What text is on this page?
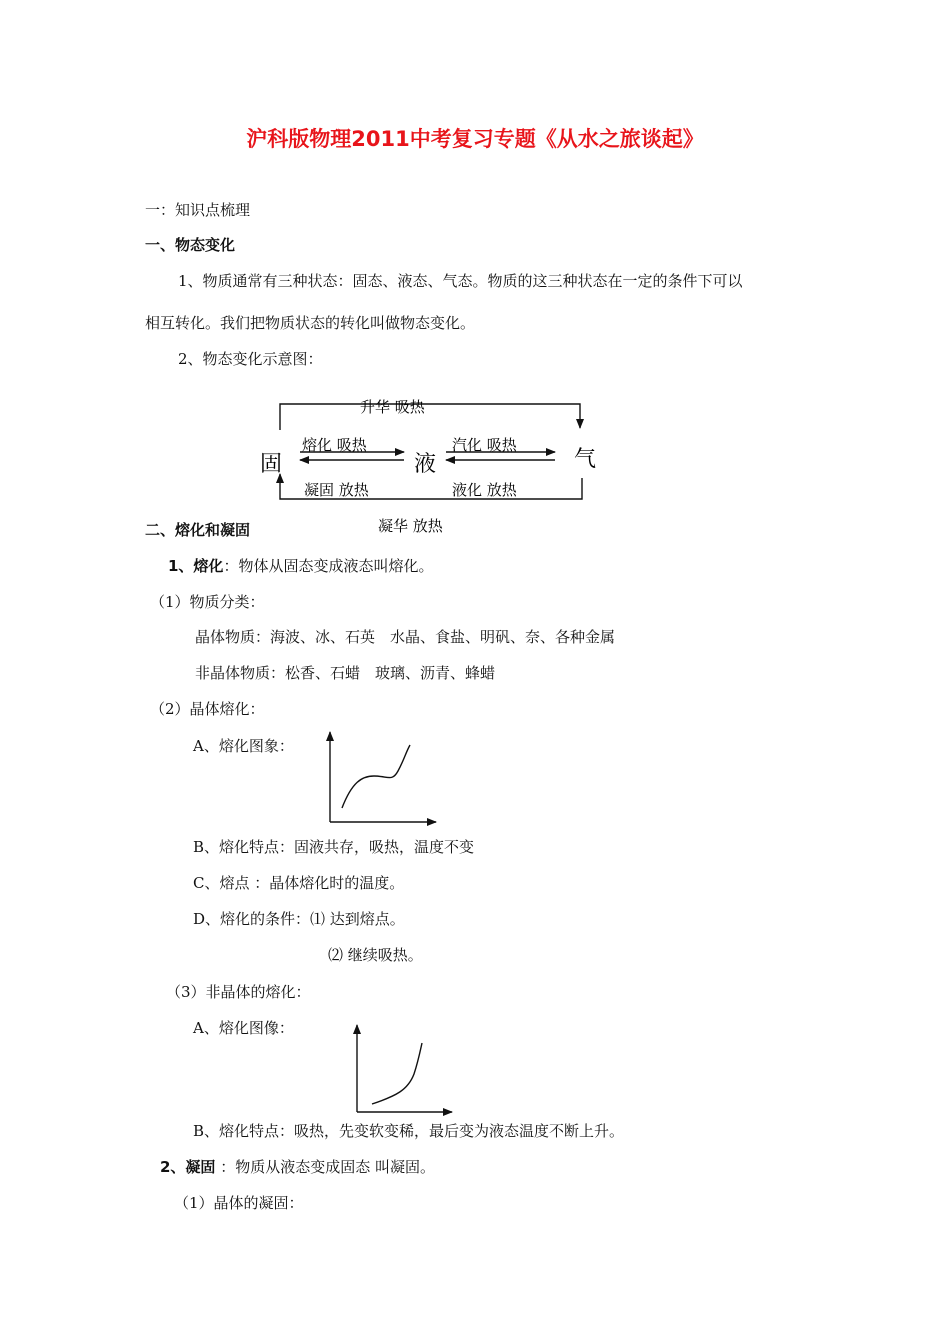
沪科版物理2011中考复习专题《从水之旅谈起》
一：知识点梳理
一、物态变化
1、物质通常有三种状态：固态、液态、气态。物质的这三种状态在一定的条件下可以
相互转化。我们把物质状态的转化叫做物态变化。
2、物态变化示意图：
升华 吸热
熔化 吸热	汽化 吸热
固	液	气
凝固 放热	液化 放热
凝华 放热
二、熔化和凝固
1、熔化：物体从固态变成液态叫熔化。
（1）物质分类：
晶体物质：海波、冰、石英　水晶、食盐、明矾、奈、各种金属
非晶体物质：松香、石蜡　玻璃、沥青、蜂蜡
（2）晶体熔化：
A、熔化图象：
B、熔化特点：固液共存，吸热，温度不变
C、熔点 ：晶体熔化时的温度。
D、熔化的条件：⑴ 达到熔点。
⑵ 继续吸热。
（3）非晶体的熔化：
A、熔化图像：
B、熔化特点：吸热，先变软变稀，最后变为液态温度不断上升。
2、凝固 ：物质从液态变成固态 叫凝固。
（1）晶体的凝固：
